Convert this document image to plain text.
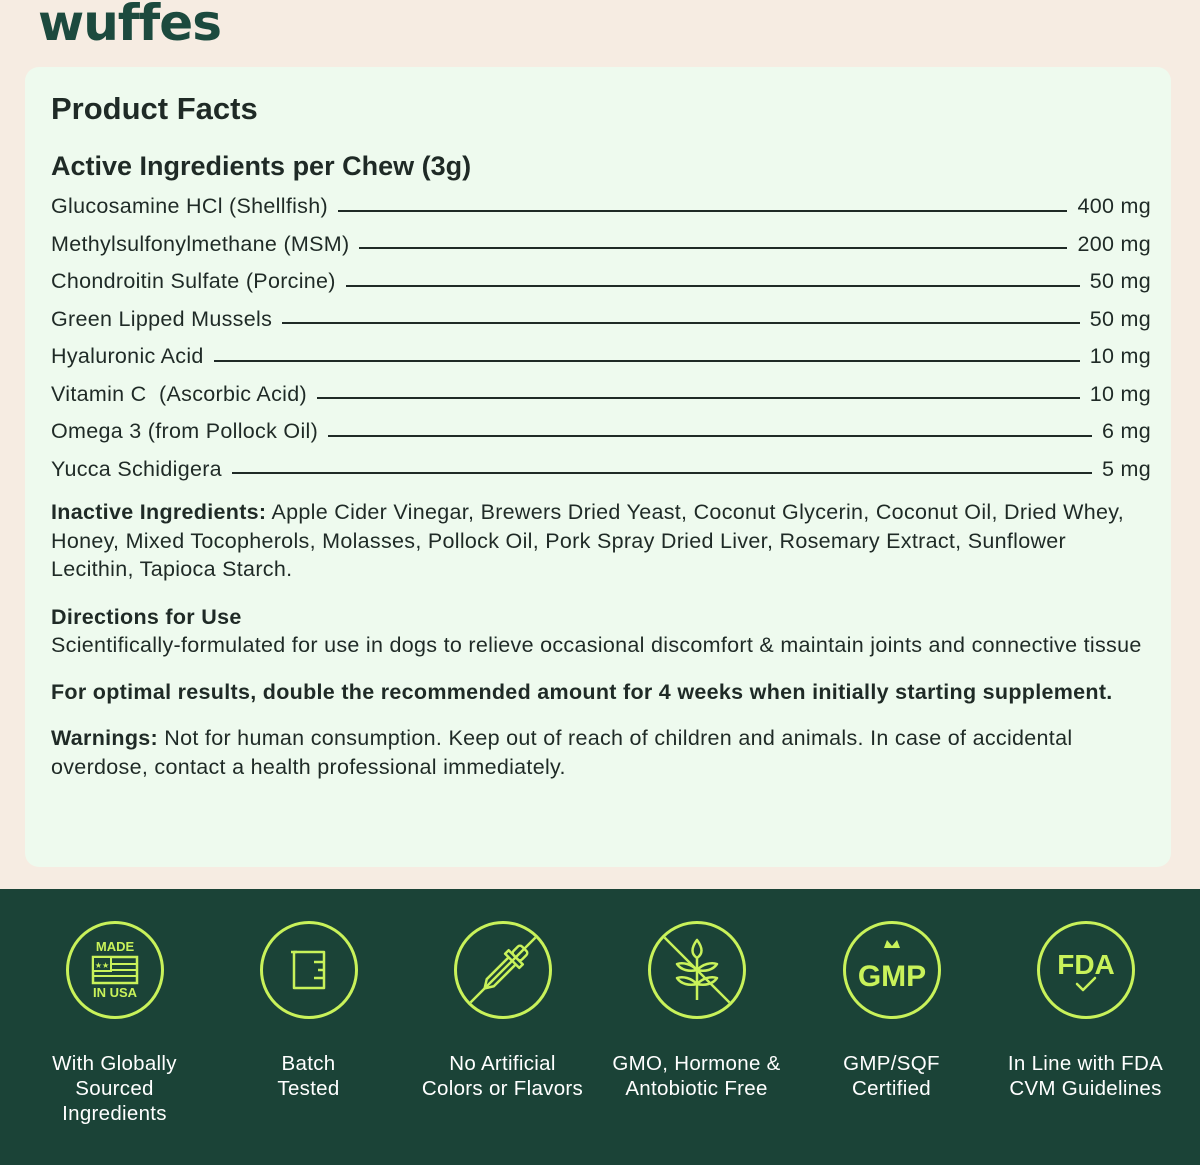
wuffes
Product Facts
Active Ingredients per Chew (3g)
Glucosamine HCl (Shellfish)	400 mg
Methylsulfonylmethane (MSM)	200 mg
Chondroitin Sulfate (Porcine)	50 mg
Green Lipped Mussels	50 mg
Hyaluronic Acid	10 mg
Vitamin C  (Ascorbic Acid)	10 mg
Omega 3 (from Pollock Oil)	6 mg
Yucca Schidigera	5 mg

Inactive Ingredients: Apple Cider Vinegar, Brewers Dried Yeast, Coconut Glycerin, Coconut Oil, Dried Whey, Honey, Mixed Tocopherols, Molasses, Pollock Oil, Pork Spray Dried Liver, Rosemary Extract, Sunflower Lecithin, Tapioca Starch.

Directions for Use

Scientifically-formulated for use in dogs to relieve occasional discomfort & maintain joints and connective tissue

For optimal results, double the recommended amount for 4 weeks when initially starting supplement.

Warnings: Not for human consumption. Keep out of reach of children and animals. In case of accidental overdose, contact a health professional immediately.

MADE
★★
IN USA
With Globally
Sourced
Ingredients
Batch
Tested
No Artificial
Colors or Flavors
GMO, Hormone &
Antobiotic Free
GMP
GMP/SQF
Certified
FDA
In Line with FDA
CVM Guidelines
